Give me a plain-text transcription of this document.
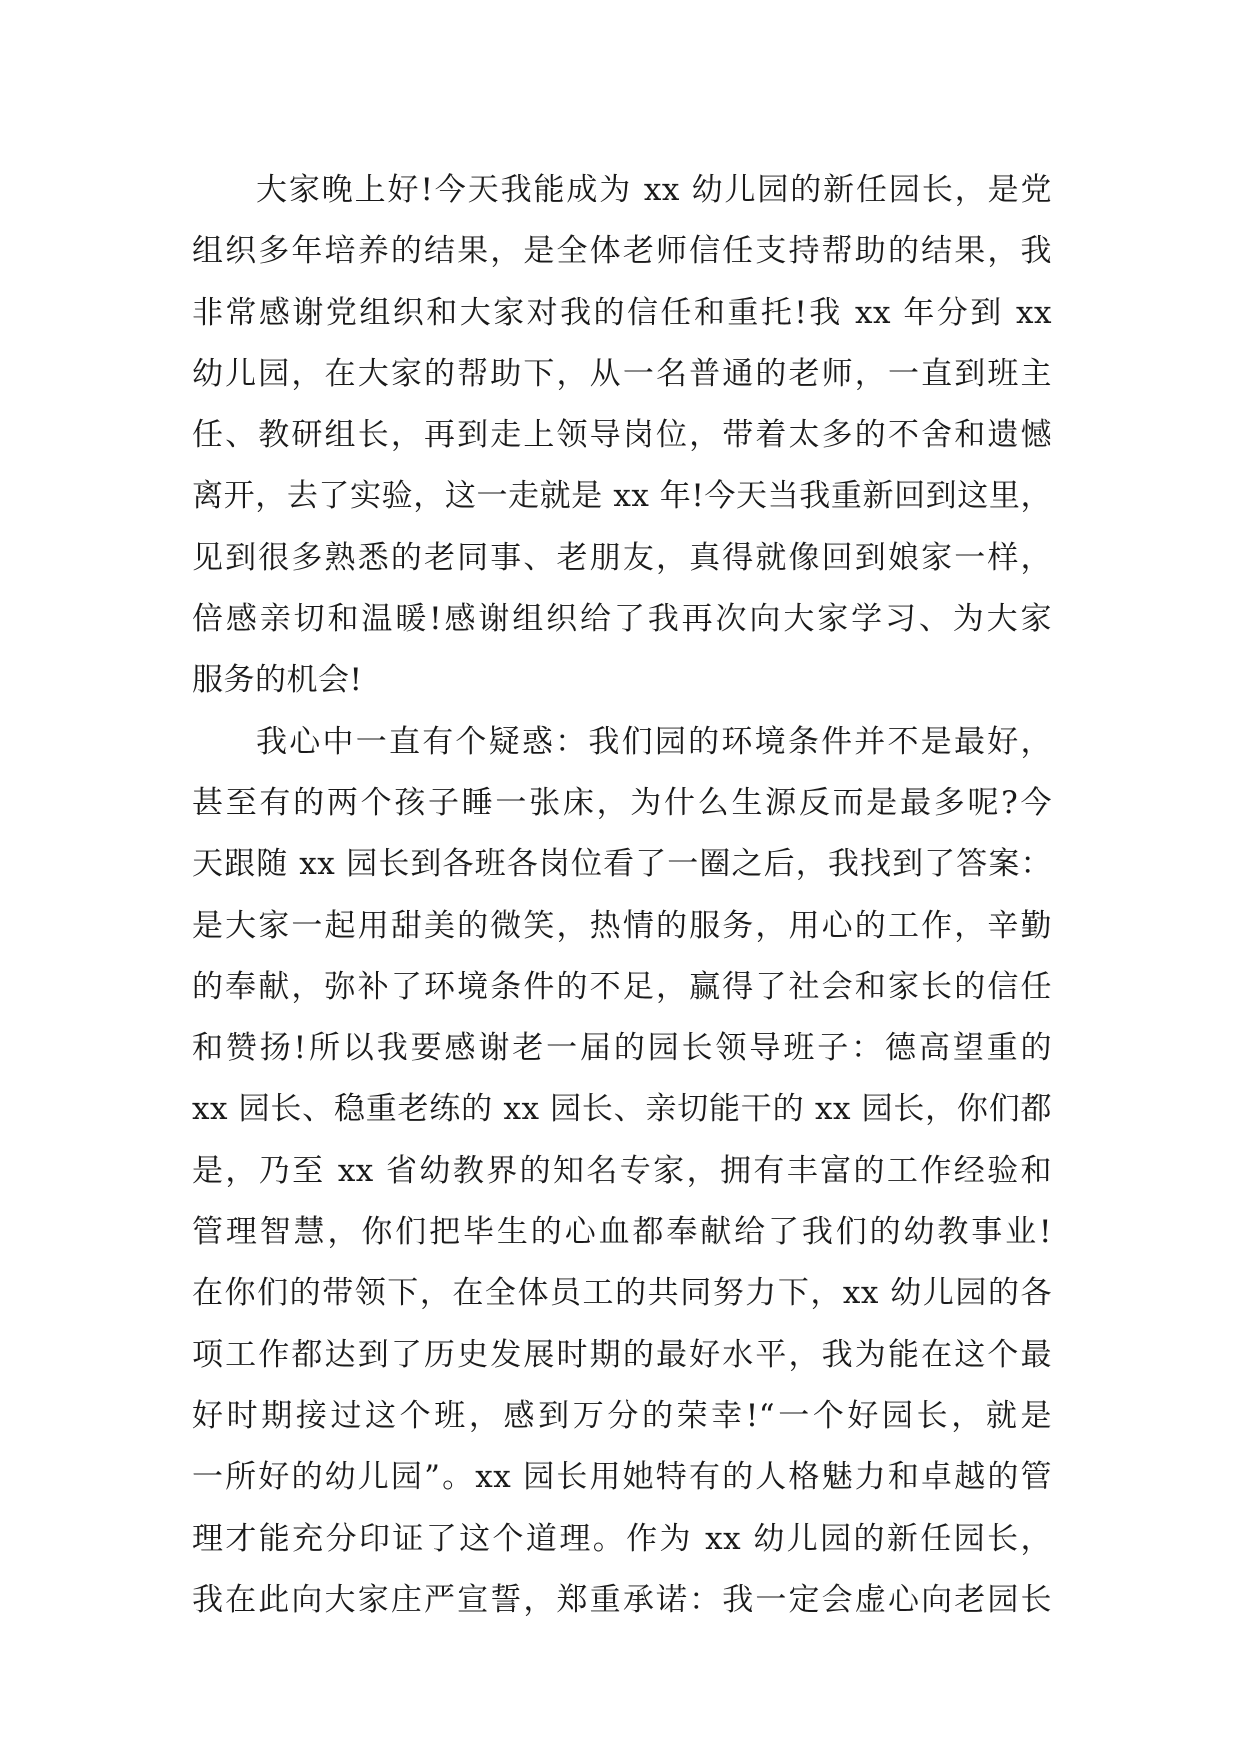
大家晚上好!今天我能成为 xx 幼儿园的新任园长，是党
组织多年培养的结果，是全体老师信任支持帮助的结果，我
非常感谢党组织和大家对我的信任和重托!我 xx 年分到 xx
幼儿园，在大家的帮助下，从一名普通的老师，一直到班主
任、教研组长，再到走上领导岗位，带着太多的不舍和遗憾
离开，去了实验，这一走就是 xx 年!今天当我重新回到这里，
见到很多熟悉的老同事、老朋友，真得就像回到娘家一样，
倍感亲切和温暖!感谢组织给了我再次向大家学习、为大家
服务的机会!
我心中一直有个疑惑：我们园的环境条件并不是最好，
甚至有的两个孩子睡一张床，为什么生源反而是最多呢?今
天跟随 xx 园长到各班各岗位看了一圈之后，我找到了答案：
是大家一起用甜美的微笑，热情的服务，用心的工作，辛勤
的奉献，弥补了环境条件的不足，赢得了社会和家长的信任
和赞扬!所以我要感谢老一届的园长领导班子：德高望重的
xx 园长、稳重老练的 xx 园长、亲切能干的 xx 园长，你们都
是，乃至 xx 省幼教界的知名专家，拥有丰富的工作经验和
管理智慧，你们把毕生的心血都奉献给了我们的幼教事业!
在你们的带领下，在全体员工的共同努力下，xx 幼儿园的各
项工作都达到了历史发展时期的最好水平，我为能在这个最
好时期接过这个班，感到万分的荣幸!“一个好园长，就是
一所好的幼儿园”。xx 园长用她特有的人格魅力和卓越的管
理才能充分印证了这个道理。作为 xx 幼儿园的新任园长，
我在此向大家庄严宣誓，郑重承诺：我一定会虚心向老园长
